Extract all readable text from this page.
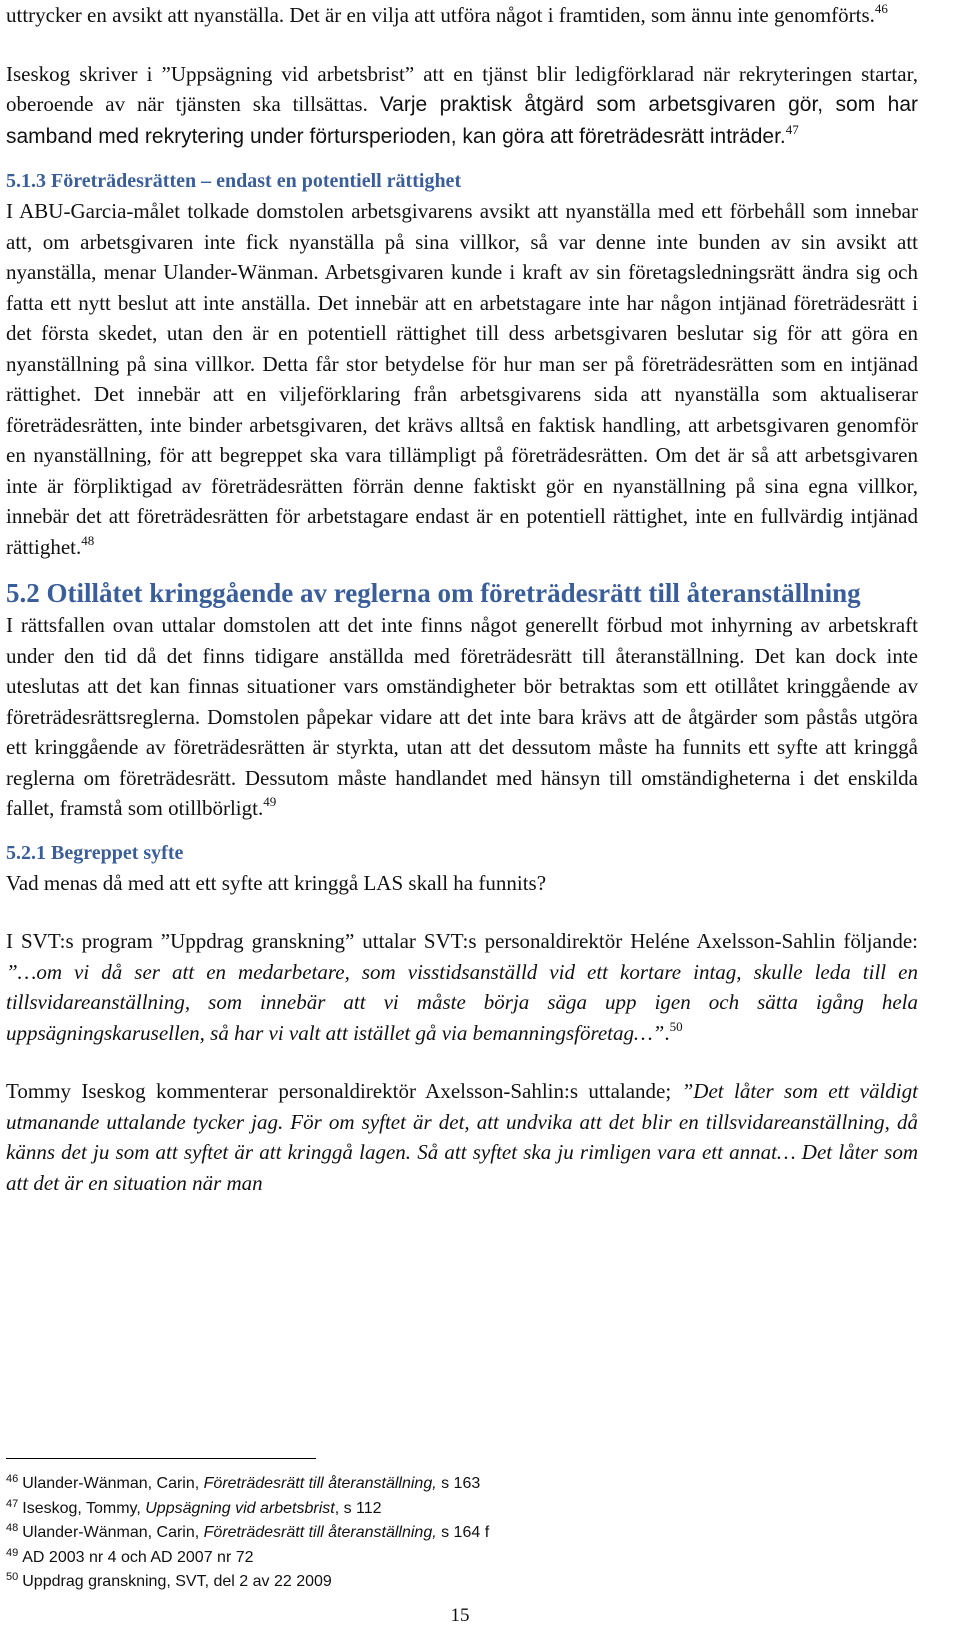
uttrycker en avsikt att nyanställa. Det är en vilja att utföra något i framtiden, som ännu inte genomförts.$^{46}$

Iseskog skriver i ”Uppsägning vid arbetsbrist” att en tjänst blir ledigförklarad när rekryteringen startar, oberoende av när tjänsten ska tillsättas. Varje praktisk åtgärd som arbetsgivaren gör, som har samband med rekrytering under förtursperioden, kan göra att företrädesrätt inträder.$^{47}$

5.1.3 Företrädesrätten – endast en potentiell rättighet

I ABU-Garcia-målet tolkade domstolen arbetsgivarens avsikt att nyanställa med ett förbehåll som innebar att, om arbetsgivaren inte fick nyanställa på sina villkor, så var denne inte bunden av sin avsikt att nyanställa, menar Ulander-Wänman. Arbetsgivaren kunde i kraft av sin företagsledningsrätt ändra sig och fatta ett nytt beslut att inte anställa. Det innebär att en arbetstagare inte har någon intjänad företrädesrätt i det första skedet, utan den är en potentiell rättighet till dess arbetsgivaren beslutar sig för att göra en nyanställning på sina villkor. Detta får stor betydelse för hur man ser på företrädesrätten som en intjänad rättighet. Det innebär att en viljeförklaring från arbetsgivarens sida att nyanställa som aktualiserar företrädesrätten, inte binder arbetsgivaren, det krävs alltså en faktisk handling, att arbetsgivaren genomför en nyanställning, för att begreppet ska vara tillämpligt på företrädesrätten. Om det är så att arbetsgivaren inte är förpliktigad av företrädesrätten förrän denne faktiskt gör en nyanställning på sina egna villkor, innebär det att företrädesrätten för arbetstagare endast är en potentiell rättighet, inte en fullvärdig intjänad rättighet.$^{48}$

5.2 Otillåtet kringgående av reglerna om företrädesrätt till återanställning

I rättsfallen ovan uttalar domstolen att det inte finns något generellt förbud mot inhyrning av arbetskraft under den tid då det finns tidigare anställda med företrädesrätt till återanställning. Det kan dock inte uteslutas att det kan finnas situationer vars omständigheter bör betraktas som ett otillåtet kringgående av företrädesrättsreglerna. Domstolen påpekar vidare att det inte bara krävs att de åtgärder som påstås utgöra ett kringgående av företrädesrätten är styrkta, utan att det dessutom måste ha funnits ett syfte att kringgå reglerna om företrädesrätt. Dessutom måste handlandet med hänsyn till omständigheterna i det enskilda fallet, framstå som otillbörligt.$^{49}$

5.2.1 Begreppet syfte

Vad menas då med att ett syfte att kringgå LAS skall ha funnits?

I SVT:s program ”Uppdrag granskning” uttalar SVT:s personaldirektör Heléne Axelsson-Sahlin följande: ”…om vi då ser att en medarbetare, som visstidsanställd vid ett kortare intag, skulle leda till en tillsvidareanställning, som innebär att vi måste börja säga upp igen och sätta igång hela uppsägningskarusellen, så har vi valt att istället gå via bemanningsföretag…”.$^{50}$

Tommy Iseskog kommenterar personaldirektör Axelsson-Sahlin:s uttalande; ”Det låter som ett väldigt utmanande uttalande tycker jag. För om syftet är det, att undvika att det blir en tillsvidareanställning, då känns det ju som att syftet är att kringgå lagen. Så att syftet ska ju rimligen vara ett annat… Det låter som att det är en situation när man

$^{46}$ Ulander-Wänman, Carin, Företrädesrätt till återanställning, s 163

$^{47}$ Iseskog, Tommy, Uppsägning vid arbetsbrist, s 112

$^{48}$ Ulander-Wänman, Carin, Företrädesrätt till återanställning, s 164 f

$^{49}$ AD 2003 nr 4 och AD 2007 nr 72

$^{50}$ Uppdrag granskning, SVT, del 2 av 22 2009

15
